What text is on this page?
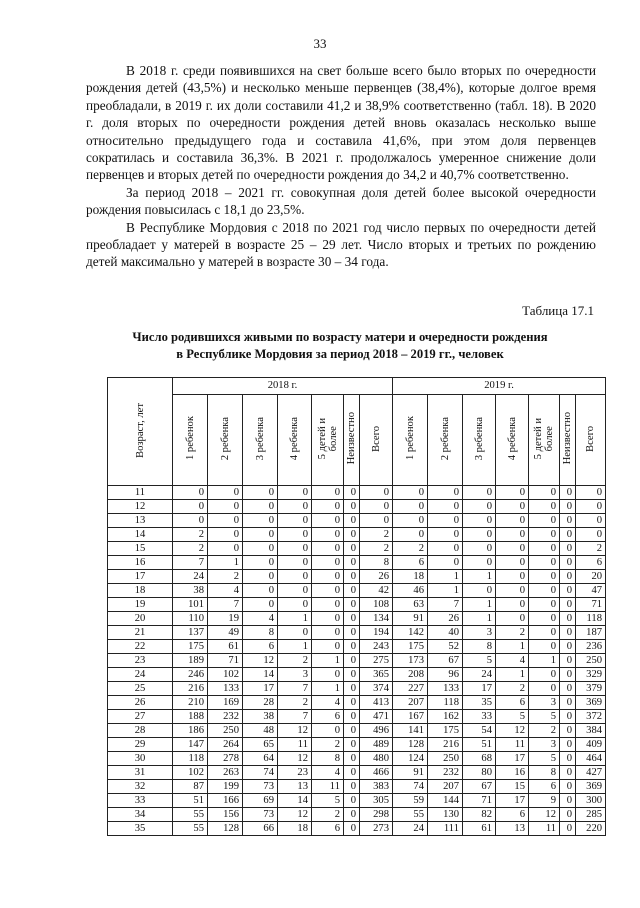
33

В 2018 г. среди появившихся на свет больше всего было вторых по очередности рождения детей (43,5%) и несколько меньше первенцев (38,4%), которые долгое время преобладали, в 2019 г. их доли составили 41,2 и 38,9% соответственно (табл. 18). В 2020 г. доля вторых по очередности рождения детей вновь оказалась несколько выше относительно предыдущего года и составила 41,6%, при этом доля первенцев сократилась и составила 36,3%. В 2021 г. продолжалось умеренное снижение доли первенцев и вторых детей по очередности рождения до 34,2 и 40,7% соответственно.

За период 2018 – 2021 гг. совокупная доля детей более высокой очередности рождения повысилась с 18,1 до 23,5%.

В Республике Мордовия с 2018 по 2021 год число первых по очередности детей преобладает у матерей в возрасте 25 – 29 лет. Число вторых и третьих по рождению детей максимально у матерей в возрасте 30 – 34 года.

Таблица 17.1
Число родившихся живыми по возрасту матери и очередности рождения
в Республике Мордовия за период 2018 – 2019 гг., человек
Возраст, лет	2018 г.							2019 г.						
	1 ребенок	2 ребенка	3 ребенка	4 ребенка	5 детей и
более	Неизвестно	Всего	1 ребенок	2 ребенка	3 ребенка	4 ребенка	5 детей и
более	Неизвестно	Всего
11	0	0	0	0	0	0	0	0	0	0	0	0	0	0
12	0	0	0	0	0	0	0	0	0	0	0	0	0	0
13	0	0	0	0	0	0	0	0	0	0	0	0	0	0
14	2	0	0	0	0	0	2	0	0	0	0	0	0	0
15	2	0	0	0	0	0	2	2	0	0	0	0	0	2
16	7	1	0	0	0	0	8	6	0	0	0	0	0	6
17	24	2	0	0	0	0	26	18	1	1	0	0	0	20
18	38	4	0	0	0	0	42	46	1	0	0	0	0	47
19	101	7	0	0	0	0	108	63	7	1	0	0	0	71
20	110	19	4	1	0	0	134	91	26	1	0	0	0	118
21	137	49	8	0	0	0	194	142	40	3	2	0	0	187
22	175	61	6	1	0	0	243	175	52	8	1	0	0	236
23	189	71	12	2	1	0	275	173	67	5	4	1	0	250
24	246	102	14	3	0	0	365	208	96	24	1	0	0	329
25	216	133	17	7	1	0	374	227	133	17	2	0	0	379
26	210	169	28	2	4	0	413	207	118	35	6	3	0	369
27	188	232	38	7	6	0	471	167	162	33	5	5	0	372
28	186	250	48	12	0	0	496	141	175	54	12	2	0	384
29	147	264	65	11	2	0	489	128	216	51	11	3	0	409
30	118	278	64	12	8	0	480	124	250	68	17	5	0	464
31	102	263	74	23	4	0	466	91	232	80	16	8	0	427
32	87	199	73	13	11	0	383	74	207	67	15	6	0	369
33	51	166	69	14	5	0	305	59	144	71	17	9	0	300
34	55	156	73	12	2	0	298	55	130	82	6	12	0	285
35	55	128	66	18	6	0	273	24	111	61	13	11	0	220
